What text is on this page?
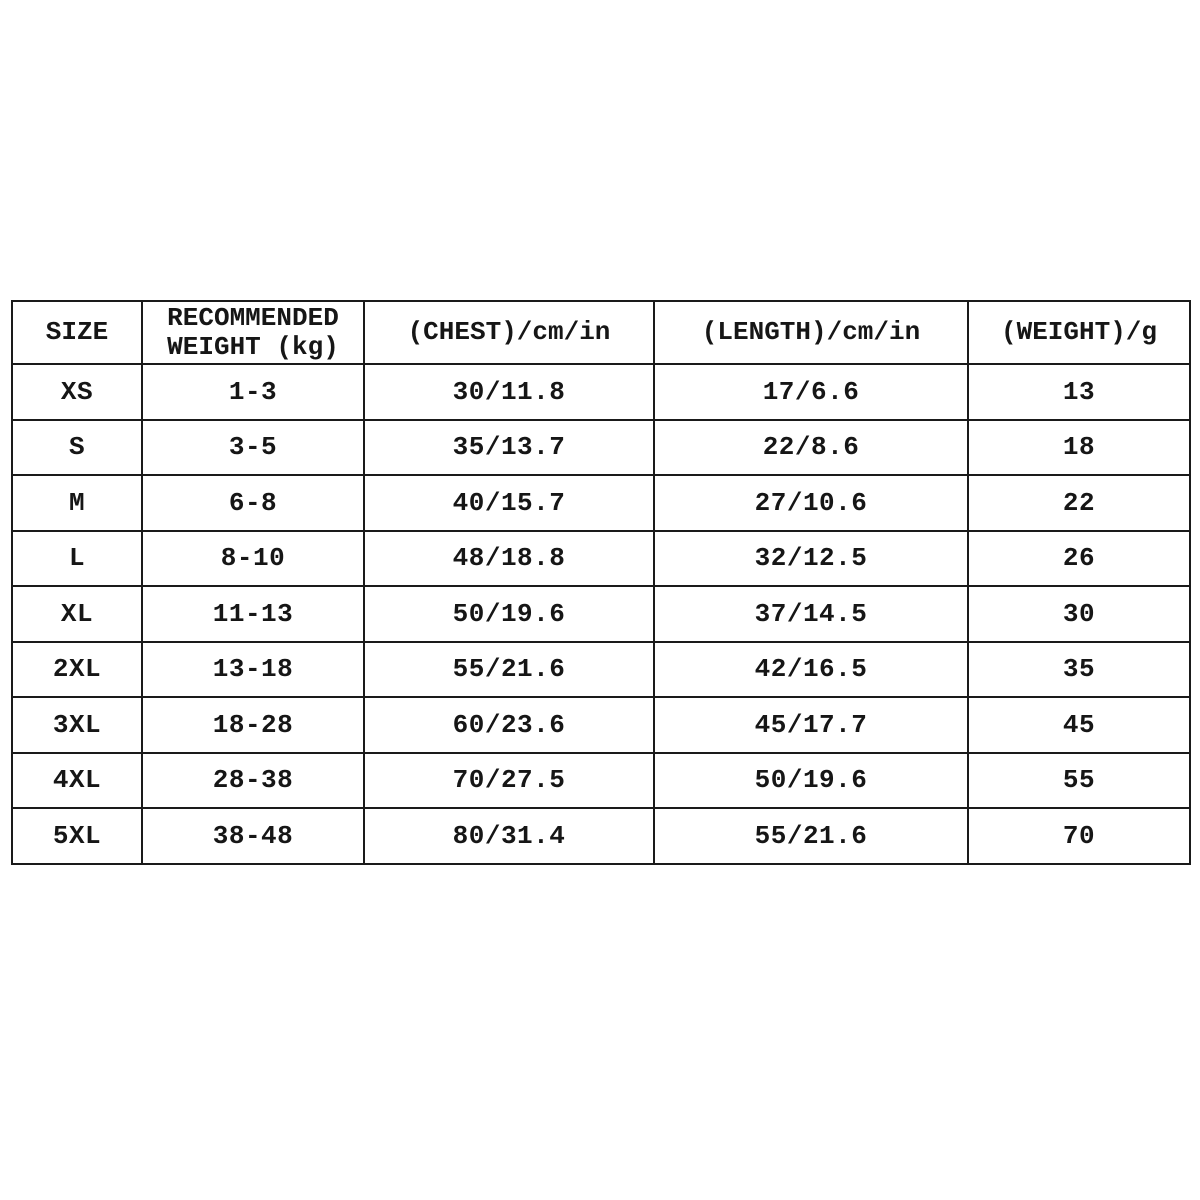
SIZE	RECOMMENDED WEIGHT (kg)	(CHEST)/cm/in	(LENGTH)/cm/in	(WEIGHT)/g
XS	1-3	30/11.8	17/6.6	13
S	3-5	35/13.7	22/8.6	18
M	6-8	40/15.7	27/10.6	22
L	8-10	48/18.8	32/12.5	26
XL	11-13	50/19.6	37/14.5	30
2XL	13-18	55/21.6	42/16.5	35
3XL	18-28	60/23.6	45/17.7	45
4XL	28-38	70/27.5	50/19.6	55
5XL	38-48	80/31.4	55/21.6	70
